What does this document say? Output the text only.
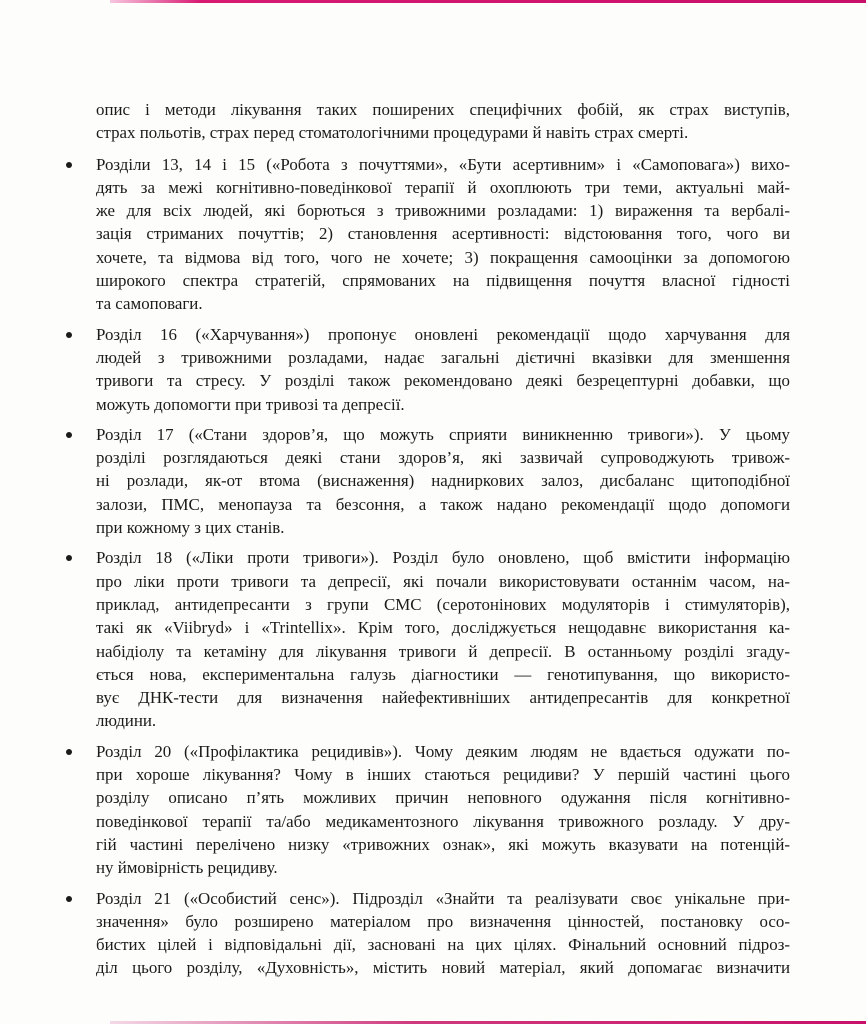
опис і методи лікування таких поширених специфічних фобій, як страх виступів,
страх польотів, страх перед стоматологічними процедурами й навіть страх смерті.

Розділи 13, 14 і 15 («Робота з почуттями», «Бути асертивним» і «Самоповага») вихо-
дять за межі когнітивно-поведінкової терапії й охоплюють три теми, актуальні май-
же для всіх людей, які борються з тривожними розладами: 1) вираження та вербалі-
зація стриманих почуттів; 2) становлення асертивності: відстоювання того, чого ви
хочете, та відмова від того, чого не хочете; 3) покращення самооцінки за допомогою
широкого спектра стратегій, спрямованих на підвищення почуття власної гідності
та самоповаги.
Розділ 16 («Харчування») пропонує оновлені рекомендації щодо харчування для
людей з тривожними розладами, надає загальні дієтичні вказівки для зменшення
тривоги та стресу. У розділі також рекомендовано деякі безрецептурні добавки, що
можуть допомогти при тривозі та депресії.
Розділ 17 («Стани здоров’я, що можуть сприяти виникненню тривоги»). У цьому
розділі розглядаються деякі стани здоров’я, які зазвичай супроводжують тривож-
ні розлади, як-от втома (виснаження) надниркових залоз, дисбаланс щитоподібної
залози, ПМС, менопауза та безсоння, а також надано рекомендації щодо допомоги
при кожному з цих станів.
Розділ 18 («Ліки проти тривоги»). Розділ було оновлено, щоб вмістити інформацію
про ліки проти тривоги та депресії, які почали використовувати останнім часом, на-
приклад, антидепресанти з групи СМС (серотонінових модуляторів і стимуляторів),
такі як «Viibryd» і «Trintellix». Крім того, досліджується нещодавнє використання ка-
набідіолу та кетаміну для лікування тривоги й депресії. В останньому розділі згаду-
ється нова, експериментальна галузь діагностики — генотипування, що використо-
вує ДНК-тести для визначення найефективніших антидепресантів для конкретної
людини.
Розділ 20 («Профілактика рецидивів»). Чому деяким людям не вдається одужати по-
при хороше лікування? Чому в інших стаються рецидиви? У першій частині цього
розділу описано п’ять можливих причин неповного одужання після когнітивно-
поведінкової терапії та/або медикаментозного лікування тривожного розладу. У дру-
гій частині перелічено низку «тривожних ознак», які можуть вказувати на потенцій-
ну ймовірність рецидиву.
Розділ 21 («Особистий сенс»). Підрозділ «Знайти та реалізувати своє унікальне при-
значення» було розширено матеріалом про визначення цінностей, постановку осо-
бистих цілей і відповідальні дії, засновані на цих цілях. Фінальний основний підроз-
діл цього розділу, «Духовність», містить новий матеріал, який допомагає визначити
